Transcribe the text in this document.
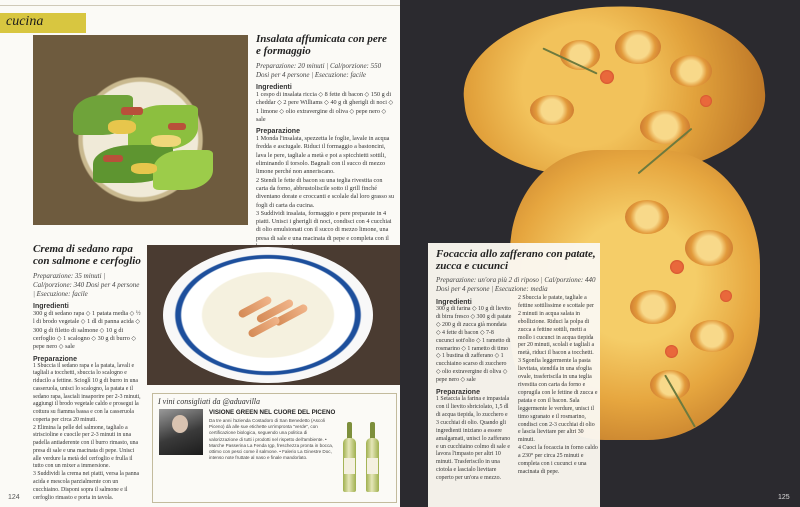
cucina
Insalata affumicata con pere e formaggio
Preparazione: 20 minuti | Cal/porzione: 550 Dosi per 4 persone | Esecuzione: facile
Ingredienti
1 cespo di insalata riccia ◇ 8 fette di bacon ◇ 150 g di cheddar ◇ 2 pere Williams ◇ 40 g di gherigli di noci ◇ 1 limone ◇ olio extravergine di oliva ◇ pepe nero ◇ sale
Preparazione
1 Monda l'insalata, spezzetta le foglie, lavale in acqua fredda e asciugale. Riduci il formaggio a bastoncini, lava le pere, tagliale a metà e poi a spicchietti sottili, eliminando il torsolo. Bagnali con il succo di mezzo limone perché non anneriscano.
2 Stendi le fette di bacon su una teglia rivestita con carta da forno, abbrustoliscile sotto il grill finché diventano dorate e croccanti e scolale dal loro grasso su fogli di carta da cucina.
3 Suddividi insalata, formaggio e pere preparate in 4 piatti. Unisci i gherigli di noci, condisci con 4 cucchiai di olio emulsionati con il succo di mezzo limone, una presa di sale e una macinata di pepe e completa con il
Crema di sedano rapa con salmone e cerfoglio
Preparazione: 35 minuti | Cal/porzione: 340 Dosi per 4 persone | Esecuzione: facile
Ingredienti
300 g di sedano rapa ◇ 1 patata media ◇ ½ l di brodo vegetale ◇ 1 dl di panna acida ◇ 300 g di filetto di salmone ◇ 10 g di cerfoglio ◇ 1 scalogno ◇ 30 g di burro ◇ pepe nero ◇ sale
Preparazione
1 Sbuccia il sedano rapa e la patata, lavali e tagliali a tocchetti, sbuccia lo scalogno e riducilo a fettine. Scioglì 10 g di burro in una casseruola, unisci lo scalogno, la patata e il sedano rapa, lasciali insaporire per 2-3 minuti, aggiungi il brodo vegetale caldo e prosegui la cottura su fiamma bassa e con la casseruola coperta per circa 20 minuti.
2 Elimina la pelle del salmone, taglialo a striscioline e cuocile per 2-3 minuti in una padella antiaderente con il burro rimasto, una presa di sale e una macinata di pepe. Unisci alle verdure la metà del cerfoglio e frulla il tutto con un mixer a immersione.
3 Suddividi la crema nei piatti, versa la panna acida e mescola parzialmente con un cucchiaino. Disponi sopra il salmone e il cerfoglio rimasto e porta in tavola.
I vini consigliati da @aduavilla
VISIONE GREEN NEL CUORE DEL PICENO
Da tre anni l'azienda Costadoro di San Benedetto (Ascoli Piceno) dà alle sue etichette un'impronta "verde", con certificazione biologica, seguendo una politica di valorizzazione di tutti i prodotti nel rispetto dell'ambiente. • Marche Passerina La Fenda Igp, freschezza pronta in bocca, ottimo con pesci come il salmone. • Falerio La Ginestre Doc, intenso note fruttate al naso e finale mandorlato.
124
Focaccia allo zafferano con patate, zucca e cucunci
Preparazione: un'ora più 2 di riposo | Cal/porzione: 440 Dosi per 4 persone | Esecuzione: media
Ingredienti
300 g di farina ◇ 10 g di lievito di birra fresco ◇ 300 g di patate ◇ 200 g di zucca già mondata ◇ 4 fette di bacon ◇ 7-8 cucunci sott'olio ◇ 1 rametto di rosmarino ◇ 1 rametto di timo ◇ 1 bustina di zafferano ◇ 1 cucchiaino scarso di zucchero ◇ olio extravergine di oliva ◇ pepe nero ◇ sale
Preparazione
1 Setaccia la farina e impastala con il lievito sbriciolato, 1,5 dl di acqua tiepida, lo zucchero e 3 cucchiai di olio. Quando gli ingredienti iniziano a essere amalgamati, unisci lo zafferano e un cucchiaino colmo di sale e lavora l'impasto per altri 10 minuti. Trasferiscilo in una ciotola e lascialo lievitare coperto per un'ora e mezzo.
2 Sbuccia le patate, tagliale a fettine sottilissime e scottale per 2 minuti in acqua salata in ebollizione. Riduci la polpa di zucca a fettine sottili, metti a mollo i cucunci in acqua tiepida per 20 minuti, scolali e tagliali a metà, riduci il bacon a tocchetti.
3 Sgonfia leggermente la pasta lievitata, stendila in una sfoglia ovale, trasferiscila in una teglia rivestita con carta da forno e coprugila con le fettine di zucca e patata e con il bacon. Sala leggermente le verdure, unisci il timo sgranato e il rosmarino, condisci con 2-3 cucchiai di olio e lascia lievitare per altri 30 minuti.
4 Cuoci la focaccia in forno caldo a 230° per circa 25 minuti e completa con i cucunci e una macinata di pepe.
125
